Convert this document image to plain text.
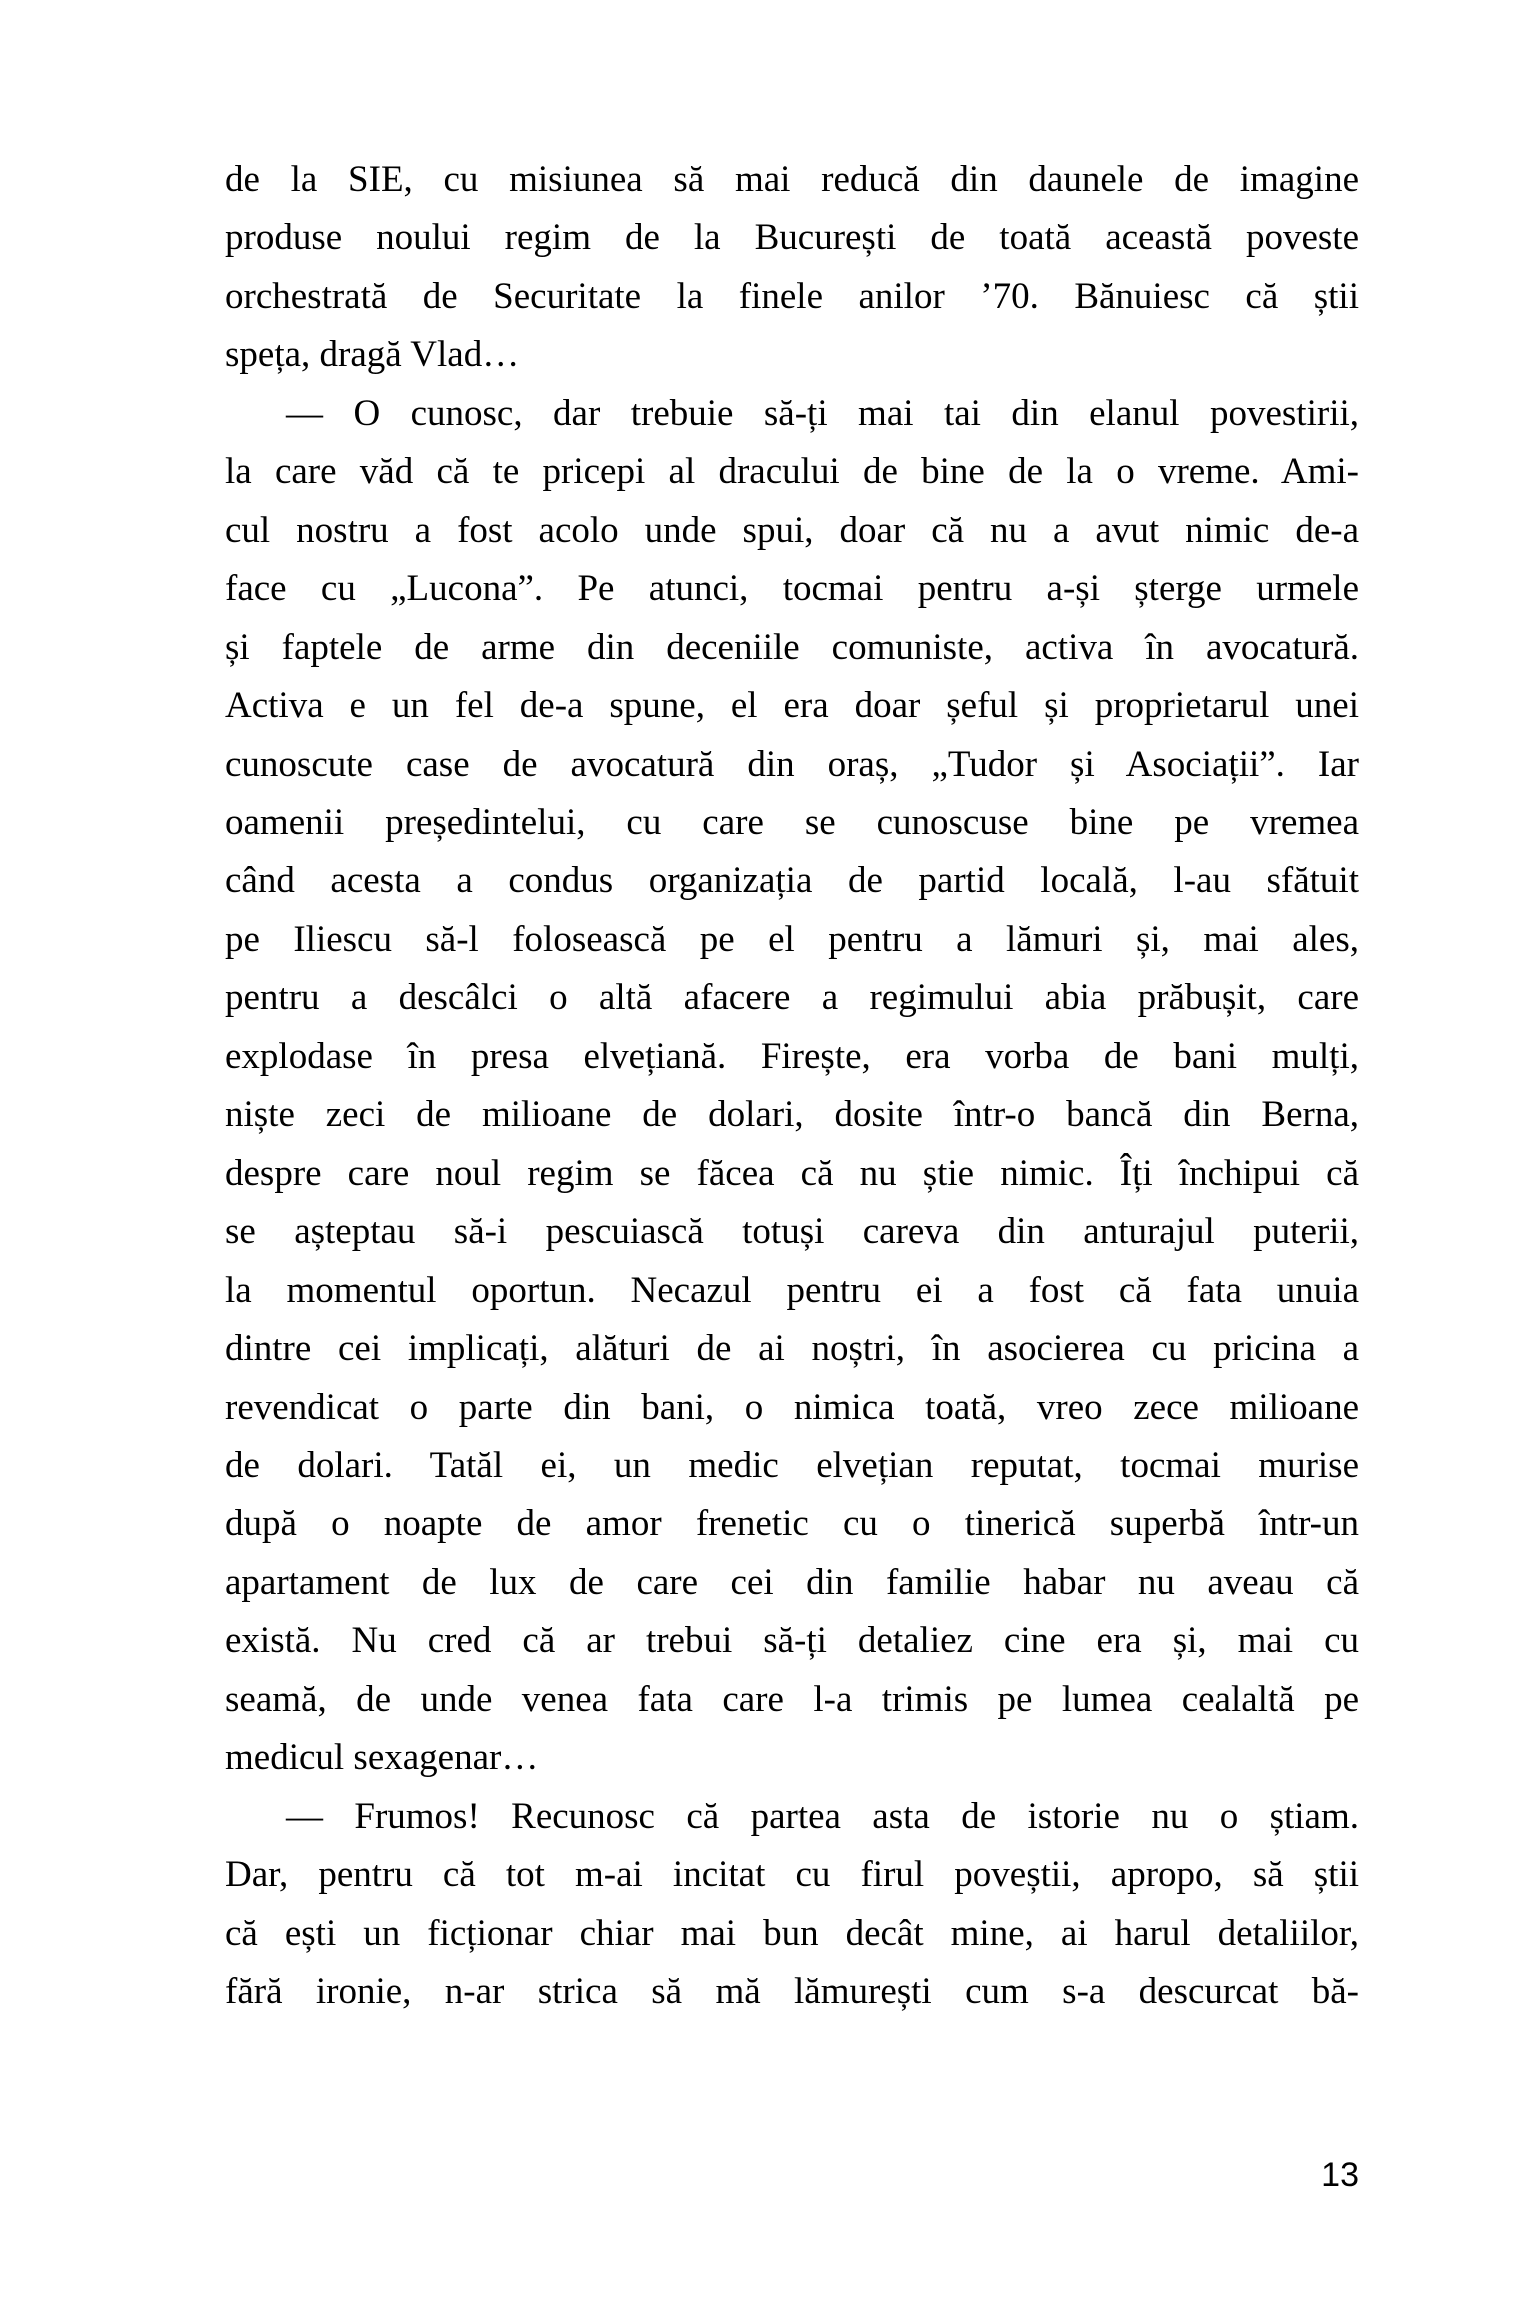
de la SIE, cu misiunea să mai reducă din daunele de imagine
produse noului regim de la București de toată această poveste
orchestrată de Securitate la finele anilor ’70. Bănuiesc că știi
speța, dragă Vlad…
— O cunosc, dar trebuie să-ți mai tai din elanul povestirii,
la care văd că te pricepi al dracului de bine de la o vreme. Ami-
cul nostru a fost acolo unde spui, doar că nu a avut nimic de-a
face cu „Lucona”. Pe atunci, tocmai pentru a-și șterge urmele
și faptele de arme din deceniile comuniste, activa în avocatură.
Activa e un fel de-a spune, el era doar șeful și proprietarul unei
cunoscute case de avocatură din oraș, „Tudor și Asociații”. Iar
oamenii președintelui, cu care se cunoscuse bine pe vremea
când acesta a condus organizația de partid locală, l-au sfătuit
pe Iliescu să-l folosească pe el pentru a lămuri și, mai ales,
pentru a descâlci o altă afacere a regimului abia prăbușit, care
explodase în presa elvețiană. Firește, era vorba de bani mulți,
niște zeci de milioane de dolari, dosite într-o bancă din Berna,
despre care noul regim se făcea că nu știe nimic. Îți închipui că
se așteptau să-i pescuiască totuși careva din anturajul puterii,
la momentul oportun. Necazul pentru ei a fost că fata unuia
dintre cei implicați, alături de ai noștri, în asocierea cu pricina a
revendicat o parte din bani, o nimica toată, vreo zece milioane
de dolari. Tatăl ei, un medic elvețian reputat, tocmai murise
după o noapte de amor frenetic cu o tinerică superbă într-un
apartament de lux de care cei din familie habar nu aveau că
există. Nu cred că ar trebui să-ți detaliez cine era și, mai cu
seamă, de unde venea fata care l-a trimis pe lumea cealaltă pe
medicul sexagenar…
— Frumos! Recunosc că partea asta de istorie nu o știam.
Dar, pentru că tot m-ai incitat cu firul poveștii, apropo, să știi
că ești un ficționar chiar mai bun decât mine, ai harul detaliilor,
fără ironie, n-ar strica să mă lămurești cum s-a descurcat bă-
13
